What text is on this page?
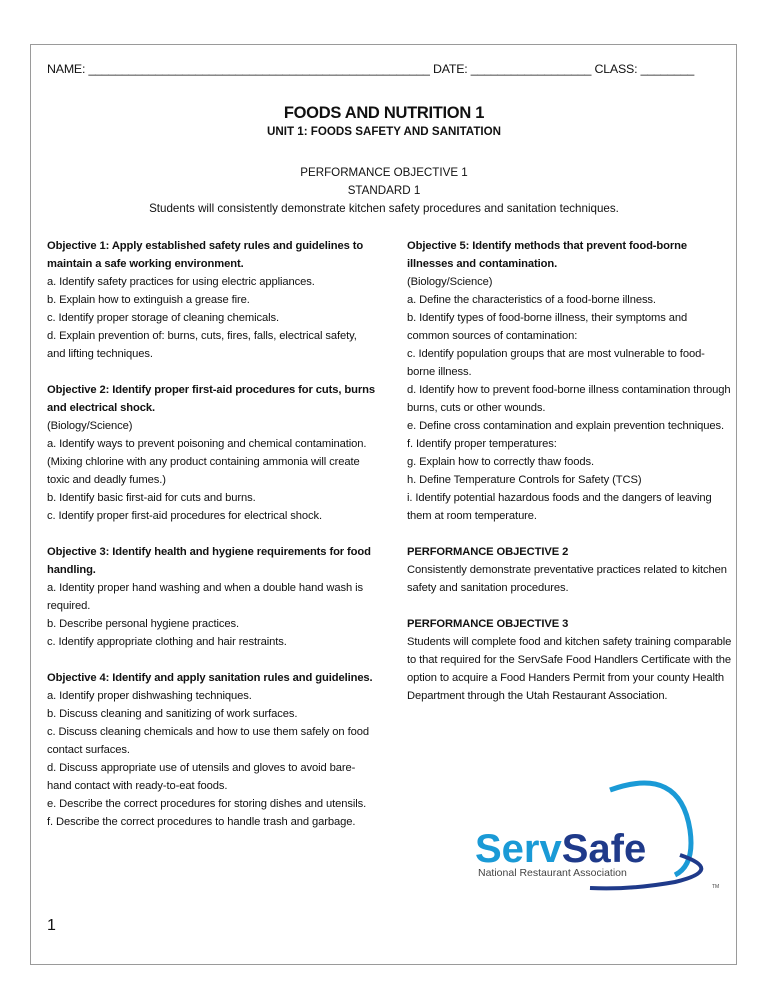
NAME: ___________________________________________________ DATE: __________________ CLASS: ________
FOODS AND NUTRITION 1
UNIT 1: FOODS SAFETY AND SANITATION
PERFORMANCE OBJECTIVE 1
STANDARD 1
Students will consistently demonstrate kitchen safety procedures and sanitation techniques.

Objective 1: Apply established safety rules and guidelines to maintain a safe working environment.

a. Identify safety practices for using electric appliances.

b. Explain how to extinguish a grease fire.

c. Identify proper storage of cleaning chemicals.

d. Explain prevention of: burns, cuts, fires, falls, electrical safety, and lifting techniques.

Objective 2: Identify proper first-aid procedures for cuts, burns and electrical shock.

(Biology/Science)

a. Identify ways to prevent poisoning and chemical contamination. (Mixing chlorine with any product containing ammonia will create toxic and deadly fumes.)

b. Identify basic first-aid for cuts and burns.

c. Identify proper first-aid procedures for electrical shock.

Objective 3: Identify health and hygiene requirements for food handling.

a. Identity proper hand washing and when a double hand wash is required.

b. Describe personal hygiene practices.

c. Identify appropriate clothing and hair restraints.

Objective 4: Identify and apply sanitation rules and guidelines.

a. Identify proper dishwashing techniques.

b. Discuss cleaning and sanitizing of work surfaces.

c. Discuss cleaning chemicals and how to use them safely on food contact surfaces.

d. Discuss appropriate use of utensils and gloves to avoid bare-hand contact with ready-to-eat foods.

e. Describe the correct procedures for storing dishes and utensils.

f. Describe the correct procedures to handle trash and garbage.

Objective 5: Identify methods that prevent food-borne illnesses and contamination.

(Biology/Science)

a. Define the characteristics of a food-borne illness.

b. Identify types of food-borne illness, their symptoms and common sources of contamination:

c. Identify population groups that are most vulnerable to food-borne illness.

d. Identify how to prevent food-borne illness contamination through burns, cuts or other wounds.

e. Define cross contamination and explain prevention techniques.

f. Identify proper temperatures:

g. Explain how to correctly thaw foods.

h. Define Temperature Controls for Safety (TCS)

i. Identify potential hazardous foods and the dangers of leaving them at room temperature.

PERFORMANCE OBJECTIVE 2

Consistently demonstrate preventative practices related to kitchen safety and sanitation procedures.

PERFORMANCE OBJECTIVE 3

Students will complete food and kitchen safety training comparable to that required for the ServSafe Food Handlers Certificate with the option to acquire a Food Handers Permit from your county Health Department through the Utah Restaurant Association.

ServSafe
National Restaurant Association
TM
1
